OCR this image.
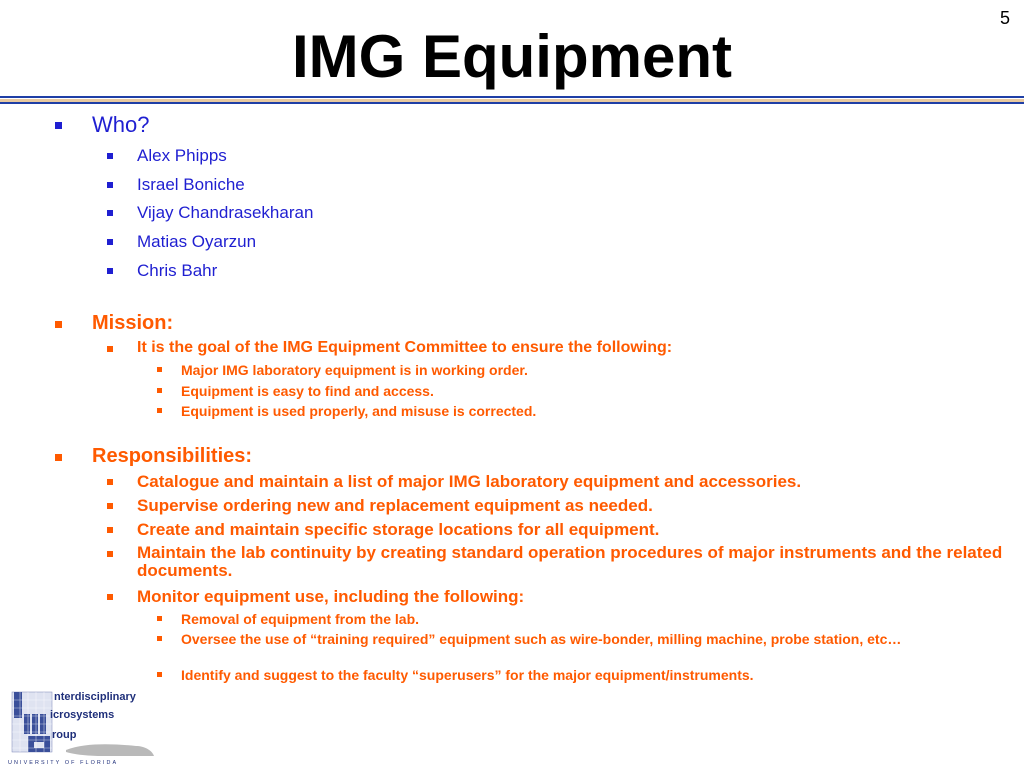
5
IMG Equipment
Who?
Alex Phipps
Israel Boniche
Vijay Chandrasekharan
Matias Oyarzun
Chris Bahr
Mission:
It is the goal of the IMG Equipment Committee to ensure the following:
Major IMG laboratory equipment is in working order.
Equipment is easy to find and access.
Equipment is used properly, and misuse is corrected.
Responsibilities:
Catalogue and maintain a list of major IMG laboratory equipment and accessories.
Supervise ordering new and replacement equipment as needed.
Create and maintain specific storage locations for all equipment.
Maintain the lab continuity by creating standard operation procedures of major instruments and the related documents.
Monitor equipment use, including the following:
Removal of equipment from the lab.
Oversee the use of “training required” equipment such as wire-bonder, milling machine, probe station, etc…
Identify and suggest to the faculty “superusers” for the major equipment/instruments.
nterdisciplinary
icrosystems
roup
UNIVERSITY OF FLORIDA
